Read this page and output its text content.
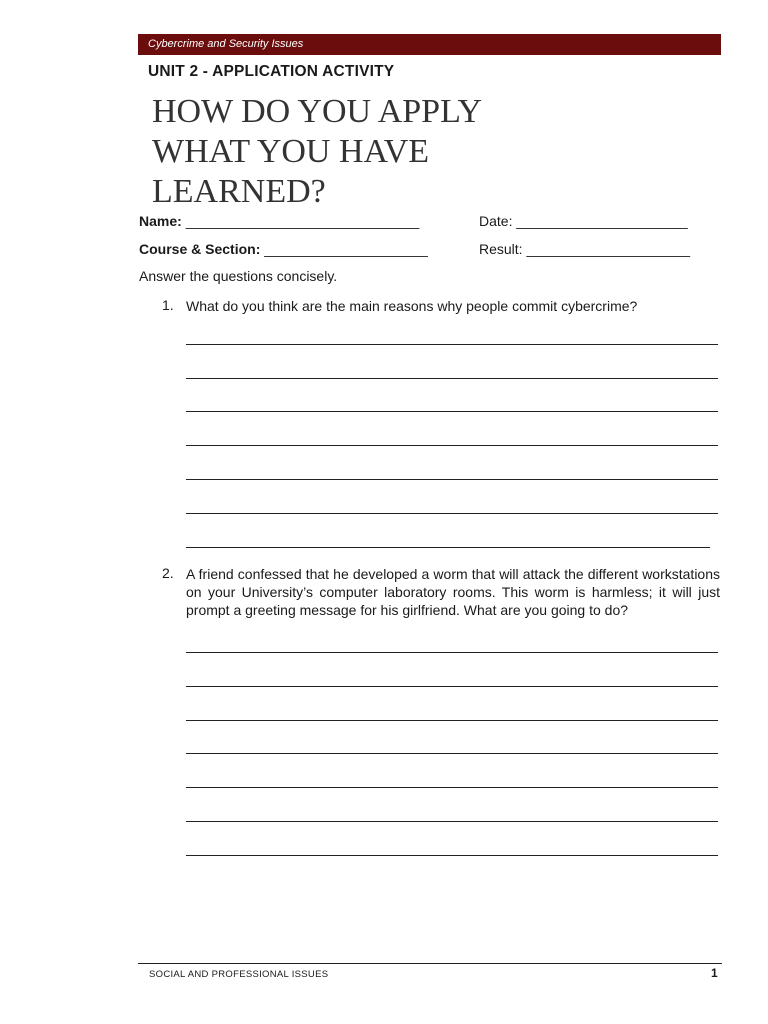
Cybercrime and Security Issues
UNIT 2 - APPLICATION ACTIVITY
HOW DO YOU APPLY
WHAT YOU HAVE
LEARNED?
Name: ______________________________	Date: ______________________
Course & Section: _____________________	Result: _____________________
Answer the questions concisely.
1. What do you think are the main reasons why people commit cybercrime?
2. A friend confessed that he developed a worm that will attack the different workstations on your University’s computer laboratory rooms. This worm is harmless; it will just prompt a greeting message for his girlfriend. What are you going to do?
SOCIAL AND PROFESSIONAL ISSUES	1
